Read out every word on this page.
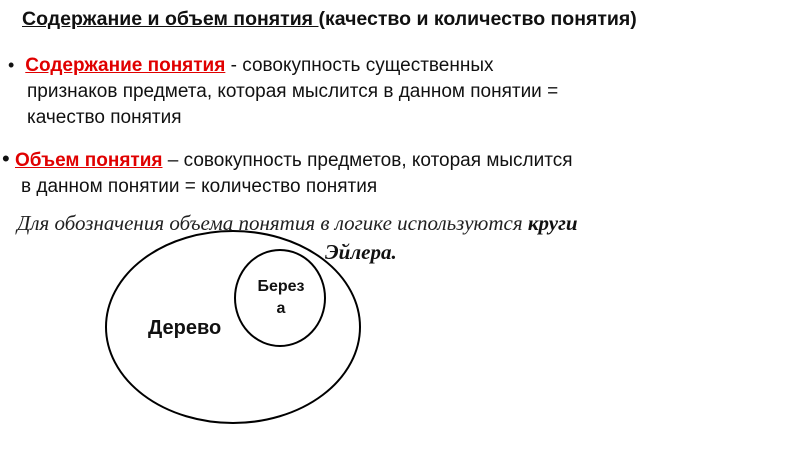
Содержание и объем понятия (качество и количество понятия)
• Содержание понятия - совокупность существенных
признаков предмета, которая мыслится в данном понятии =
качество понятия
• Объем понятия – совокупность предметов, которая мыслится
в данном понятии = количество понятия
Для обозначения объема понятия в логике используются круги
Эйлера.
Дерево
Берез
а
